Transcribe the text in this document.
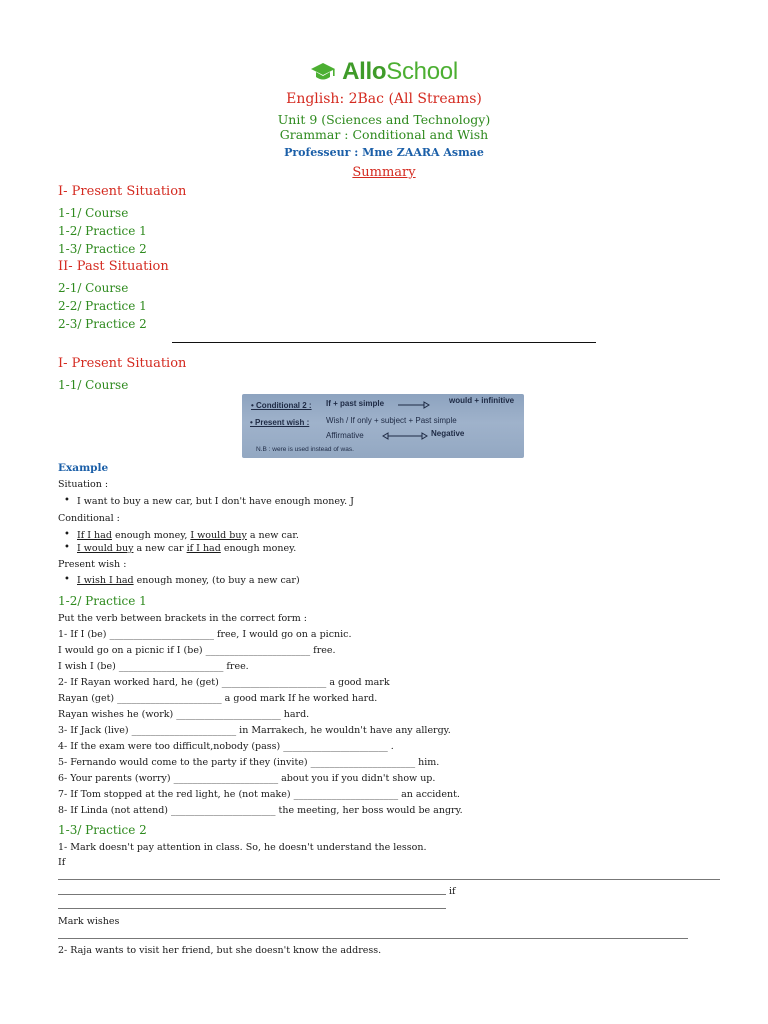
AlloSchool
English: 2Bac (All Streams)
Unit 9 (Sciences and Technology)
Grammar : Conditional and Wish
Professeur : Mme ZAARA Asmae
Summary
I- Present Situation
1-1/ Course
1-2/ Practice 1
1-3/ Practice 2
II- Past Situation
2-1/ Course
2-2/ Practice 1
2-3/ Practice 2
I- Present Situation
1-1/ Course
• Conditional 2 : If + past simple	would + infinitive
• Present wish : Wish / If only + subject + Past simple
Affirmative	Negative
N.B : were is used instead of was.
Example
Situation :
• I want to buy a new car, but I don't have enough money. J
Conditional :
• If I had enough money, I would buy a new car.
• I would buy a new car if I had enough money.
Present wish :
• I wish I had enough money, (to buy a new car)
1-2/ Practice 1
Put the verb between brackets in the correct form :
1- If I (be) ______________________ free, I would go on a picnic.
I would go on a picnic if I (be) ______________________ free.
I wish I (be) ______________________ free.
2- If Rayan worked hard, he (get) ______________________ a good mark
Rayan (get) ______________________ a good mark If he worked hard.
Rayan wishes he (work) ______________________ hard.
3- If Jack (live) ______________________ in Marrakech, he wouldn't have any allergy.
4- If the exam were too difficult,nobody (pass) ______________________ .
5- Fernando would come to the party if they (invite) ______________________ him.
6- Your parents (worry) ______________________ about you if you didn't show up.
7- If Tom stopped at the red light, he (not make) ______________________ an accident.
8- If Linda (not attend) ______________________ the meeting, her boss would be angry.
1-3/ Practice 2
1- Mark doesn't pay attention in class. So, he doesn't understand the lesson.
If
if
Mark wishes
2- Raja wants to visit her friend, but she doesn't know the address.
